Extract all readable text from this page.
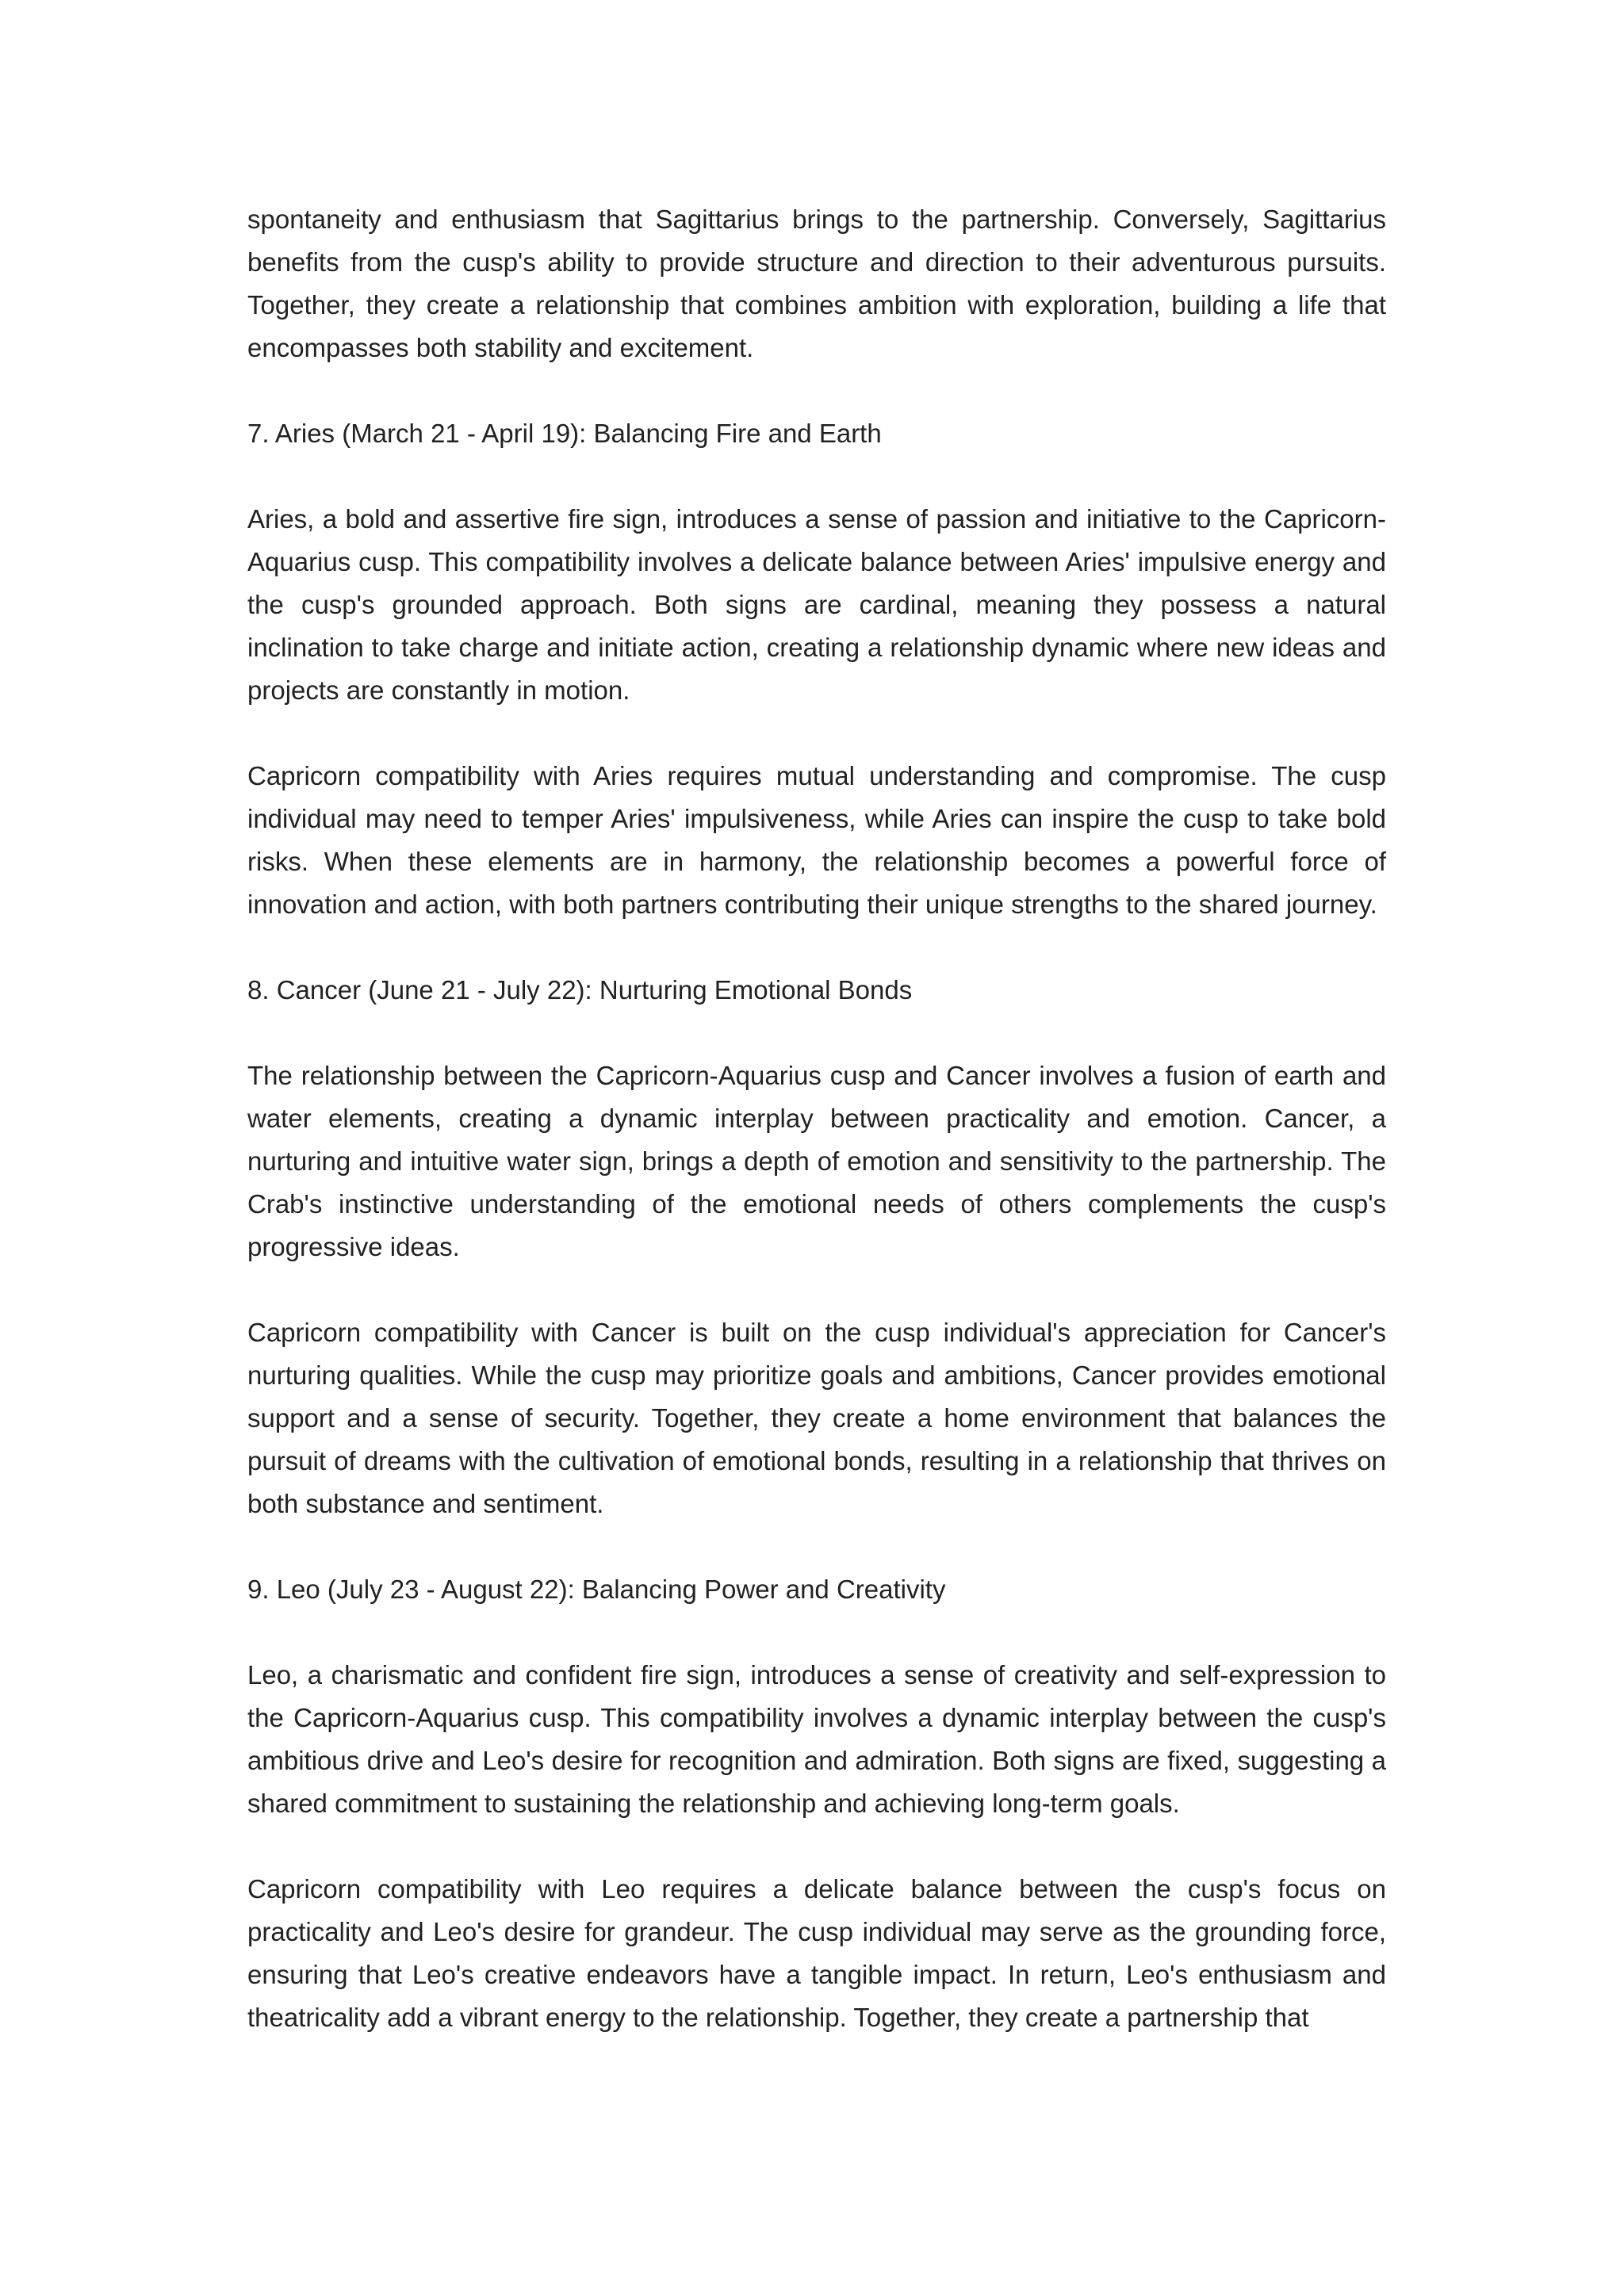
spontaneity and enthusiasm that Sagittarius brings to the partnership. Conversely, Sagittarius benefits from the cusp's ability to provide structure and direction to their adventurous pursuits. Together, they create a relationship that combines ambition with exploration, building a life that encompasses both stability and excitement.

7. Aries (March 21 - April 19): Balancing Fire and Earth

Aries, a bold and assertive fire sign, introduces a sense of passion and initiative to the Capricorn-Aquarius cusp. This compatibility involves a delicate balance between Aries' impulsive energy and the cusp's grounded approach. Both signs are cardinal, meaning they possess a natural inclination to take charge and initiate action, creating a relationship dynamic where new ideas and projects are constantly in motion.

Capricorn compatibility with Aries requires mutual understanding and compromise. The cusp individual may need to temper Aries' impulsiveness, while Aries can inspire the cusp to take bold risks. When these elements are in harmony, the relationship becomes a powerful force of innovation and action, with both partners contributing their unique strengths to the shared journey.

8. Cancer (June 21 - July 22): Nurturing Emotional Bonds

The relationship between the Capricorn-Aquarius cusp and Cancer involves a fusion of earth and water elements, creating a dynamic interplay between practicality and emotion. Cancer, a nurturing and intuitive water sign, brings a depth of emotion and sensitivity to the partnership. The Crab's instinctive understanding of the emotional needs of others complements the cusp's progressive ideas.

Capricorn compatibility with Cancer is built on the cusp individual's appreciation for Cancer's nurturing qualities. While the cusp may prioritize goals and ambitions, Cancer provides emotional support and a sense of security. Together, they create a home environment that balances the pursuit of dreams with the cultivation of emotional bonds, resulting in a relationship that thrives on both substance and sentiment.

9. Leo (July 23 - August 22): Balancing Power and Creativity

Leo, a charismatic and confident fire sign, introduces a sense of creativity and self-expression to the Capricorn-Aquarius cusp. This compatibility involves a dynamic interplay between the cusp's ambitious drive and Leo's desire for recognition and admiration. Both signs are fixed, suggesting a shared commitment to sustaining the relationship and achieving long-term goals.

Capricorn compatibility with Leo requires a delicate balance between the cusp's focus on practicality and Leo's desire for grandeur. The cusp individual may serve as the grounding force, ensuring that Leo's creative endeavors have a tangible impact. In return, Leo's enthusiasm and theatricality add a vibrant energy to the relationship. Together, they create a partnership that
